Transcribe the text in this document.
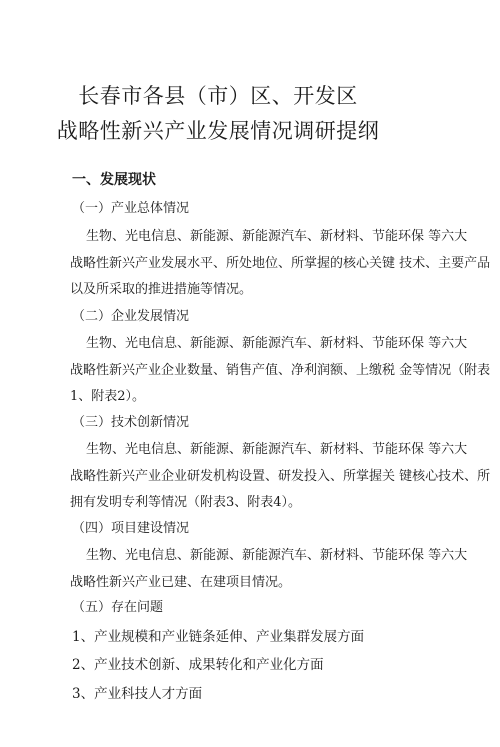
长春市各县（市）区、开发区
战略性新兴产业发展情况调研提纲
一、发展现状
（一）产业总体情况
生物、光电信息、新能源、新能源汽车、新材料、节能环保 等六大
战略性新兴产业发展水平、所处地位、所掌握的核心关键 技术、主要产品
以及所采取的推进措施等情况。
（二）企业发展情况
生物、光电信息、新能源、新能源汽车、新材料、节能环保 等六大
战略性新兴产业企业数量、销售产值、净利润额、上缴税 金等情况（附表
1、附表2）。
（三）技术创新情况
生物、光电信息、新能源、新能源汽车、新材料、节能环保 等六大
战略性新兴产业企业研发机构设置、研发投入、所掌握关 键核心技术、所
拥有发明专利等情况（附表3、附表4）。
（四）项目建设情况
生物、光电信息、新能源、新能源汽车、新材料、节能环保 等六大
战略性新兴产业已建、在建项目情况。
（五）存在问题
1、产业规模和产业链条延伸、产业集群发展方面
2、产业技术创新、成果转化和产业化方面
3、产业科技人才方面
